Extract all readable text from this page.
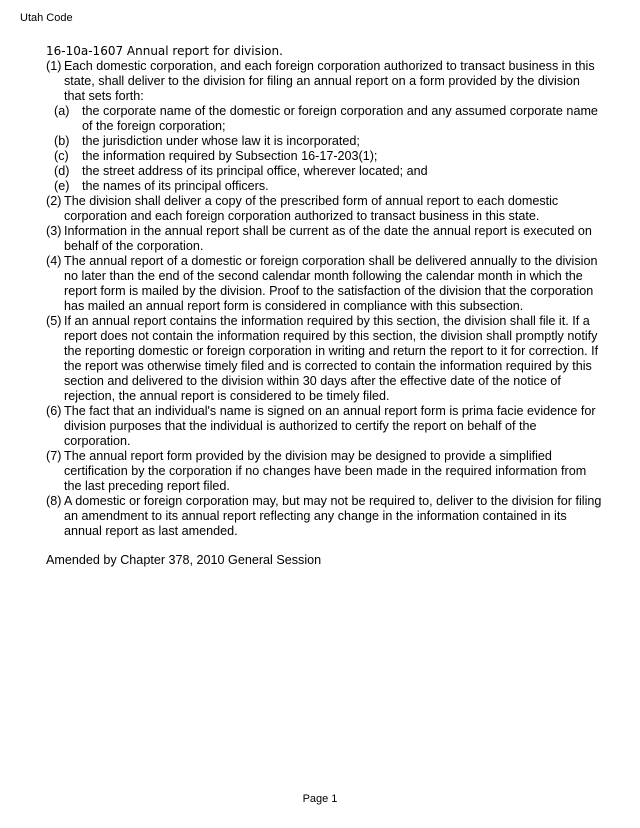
Utah Code
16-10a-1607 Annual report for division.
(1) Each domestic corporation, and each foreign corporation authorized to transact business in this state, shall deliver to the division for filing an annual report on a form provided by the division that sets forth:
(a) the corporate name of the domestic or foreign corporation and any assumed corporate name of the foreign corporation;
(b) the jurisdiction under whose law it is incorporated;
(c) the information required by Subsection 16-17-203(1);
(d) the street address of its principal office, wherever located; and
(e) the names of its principal officers.
(2) The division shall deliver a copy of the prescribed form of annual report to each domestic corporation and each foreign corporation authorized to transact business in this state.
(3) Information in the annual report shall be current as of the date the annual report is executed on behalf of the corporation.
(4) The annual report of a domestic or foreign corporation shall be delivered annually to the division no later than the end of the second calendar month following the calendar month in which the report form is mailed by the division. Proof to the satisfaction of the division that the corporation has mailed an annual report form is considered in compliance with this subsection.
(5) If an annual report contains the information required by this section, the division shall file it. If a report does not contain the information required by this section, the division shall promptly notify the reporting domestic or foreign corporation in writing and return the report to it for correction. If the report was otherwise timely filed and is corrected to contain the information required by this section and delivered to the division within 30 days after the effective date of the notice of rejection, the annual report is considered to be timely filed.
(6) The fact that an individual's name is signed on an annual report form is prima facie evidence for division purposes that the individual is authorized to certify the report on behalf of the corporation.
(7) The annual report form provided by the division may be designed to provide a simplified certification by the corporation if no changes have been made in the required information from the last preceding report filed.
(8) A domestic or foreign corporation may, but may not be required to, deliver to the division for filing an amendment to its annual report reflecting any change in the information contained in its annual report as last amended.
Amended by Chapter 378, 2010 General Session
Page 1
